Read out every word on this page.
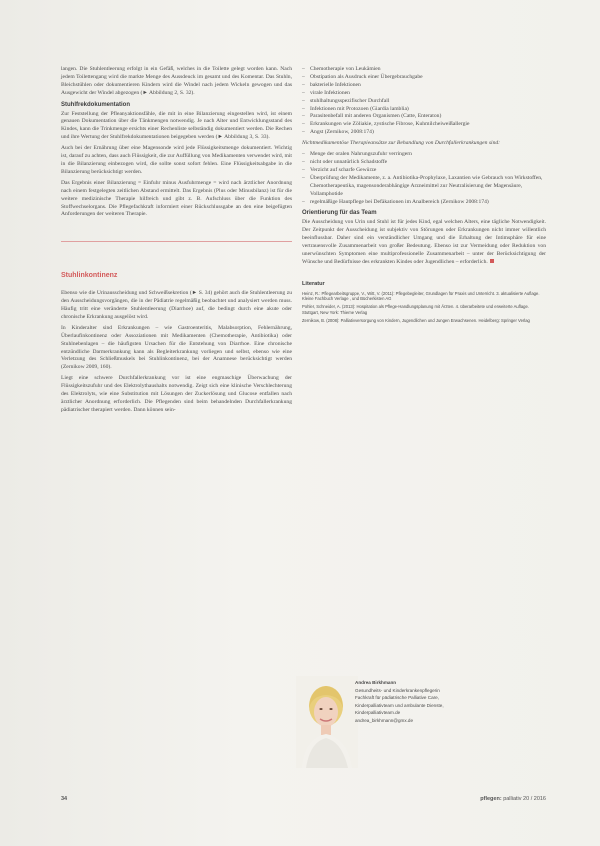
langen. Die Stuhlentleerung erfolgt in ein Gefäß, welches in die Toilette gelegt worden kann. Nach jedem Toilettengang wird die markte Menge des Aussdeuck im gesamt und des Komentar. Das Stuhln, Bleichstühlen oder dokumentieren Kindern wird die Windel nach jedem Wickeln gewogen und das Ausgewicht der Windel abgezogen (► Abbildung 2, S. 32).

Stuhlfrekdokumentation

Zur Feststellung der Pfleanyaktionsfähle, die mit in eine Bilanzierung eingestellen wird, ist einem genauen Dokumentation über die Tänkmengen notwendig. Je nach Alter und Entwicklungsstand des Kindes, kann die Trinkmenge ersichts einer Rechenliste selbständig dokumentiert werden. Die Rechen und ihre Wertung der Stuhlfrekdokumentationen beigegeben werden (► Abbildung 3, S. 33).

Auch bei der Ernährung über eine Magensonde wird jede Flüssigkeitsmenge dokumentiert. Wichtig ist, darauf zu achten, dass auch Flüssigkeit, die zur Auffüllung von Medikamenten verwendet wird, mit in die Bilanzierung einbezogen wird, die sollte sonst sofort fehlen. Eine Flüssigkeitsabgabe in die Bilanzierung berücksichtigt werden.

Das Ergebnis einer Bilanzierung = Einfuhr minus Ausfuhrmenge = wird nach ärztlicher Anordnung nach einem festgelegten zeitlichen Abstand ermittelt. Das Ergebnis (Plus oder Minusbilanz) ist für die weitere medizinische Therapie hilfreich und gibt z. B. Aufschluss über die Funktion des Stoffwechselorgans. Die Pflegefachkraft informiert einer Rückschlussgabe an den eine beigefügten Anforderungen der weiteren Therapie.

Stuhlinkontinenz

Ebenso wie die Urinausscheidung und Schweißsekretion (► S. 34) gehört auch die Stuhlentleerung zu den Ausscheidungsvorgängen, die in der Pädiatrie regelmäßig beobachtet und analysiert werden muss. Häufig tritt eine veränderte Stuhlentleerung (Diarrhoe) auf, die bedingt durch eine akute oder chronische Erkrankung ausgelöst wird.

In Kinderalter sind Erkrankungen – wie Gastroenteritis, Malabsorption, Fehlernährung, Überlaufinkontinenz oder Assoziationen mit Medikamenten (Chemotherapie, Antibiotika) oder Stuhlnebenlagen – die häufigsten Ursachen für die Entstehung von Diarrhoe. Eine chronische entzündliche Darmerkrankung kann als Begleiterkrankung vorliegen und selbst, ebenso wie eine Verletzung des Schließmuskels bei Stuhlinkontinenz, bei der Anamnese berücksichtigt werden (Zernikow 2009, 160).

Liegt eine schwere Durchfallerkrankung vor ist eine engmaschige Überwachung der Flüssigkeitszufuhr und des Elektrolythaushalts notwendig. Zeigt sich eine klinische Verschlechterung des Elektrolyts, wie eine Substitution mit Lösungen der Zuckerlösung und Glucose entfallen nach ärztlicher Anordnung erforderlich. Die Pflegenden sind beim behandelnden Durchfallerkrankung pädiatrischer therapiert werden. Dann können sein-

– Chemotherapie von Leukämien
– Obstipation als Ausdruck einer Übergebrauchgabe
– bakterielle Infektionen
– virale Infektionen
– stuhlhaltungsspezifischer Durchfall
– Infektionen mit Protozoen (Giardia lamblia)
– Parasitenbefall mit anderen Organismen (Catte, Enteraton)
– Erkrankungen wie Zöliakie, zystische Fibrose, Kuhmilcheiweißallergie
– Angst (Zernikow, 2008:174)

Nichtmedikamentöse Therapieansätze zur Behandlung von Durchfallerkrankungen sind:

– Menge der oralen Nahrungszufuhr verringern
– nicht oder unnatürlich Schadstoffe
– Verzicht auf scharfe Gewürze
– Überprüfung der Medikamente, z. a. Antibiotika-Prophylaxe, Laxantien wie Gebrauch von Wirkstoffen, Chemotherapeutika, magensonderabhängige Arzneimittel zur Neutralisierung der Magensäure, Vollamphotide
– regelmäßige Hautpflege bei Defäkationen im Analbereich (Zernikow 2008:174)
Orientierung für das Team

Die Ausscheidung von Urin und Stuhl ist für jedes Kind, egal welchen Alters, eine tägliche Notwendigkeit. Der Zeitpunkt der Ausscheidung ist subjektiv von Störungen oder Erkrankungen nicht immer willentlich beeinflussbar. Daher sind ein verständlicher Umgang und die Erhaltung der Intimsphäre für eine vertrauensvolle Zusammenarbeit von großer Bedeutung. Ebenso ist zur Vermeidung oder Reduktion von unerwünschten Symptomen eine multiprofessionelle Zusammenarbeit – unter der Berücksichtigung der Wünsche und Bedürfnisse des erkrankten Kindes oder Jugendlichen – erforderlich.

Literatur

Heinz, R.: Pflegearbeitsgruppe, V., Witt, V. (2011): Pflegebegleiter, Grundlagen für Praxis und Unterricht. 3. aktualisierte Auflage. Kleine Fachbuch Verlage , und Bücherkisten AG

Pohler, Schneider, A. (2013): Hospitation als Pflege-Handlungsplanung mit Ärzten. 4. überarbeitete und erweiterte Auflage. Stuttgart, New York: Thieme Verlag

Zernikow, B. (2008): Palliativversorgung von Kindern, Jugendlichen und Jungen Erwachsenen. Heidelberg: Springer Verlag

Andrea Birkhmann
Gesundheits- und Kinderkrankenpflegerin
Fachkraft für pädiatrische Palliative Care,
Kinderpalliativteam und ambulante Dienste,
Kinderpalliativteam.de
andrea_birkhmann@gmx.de
34	pflegen: palliativ 20 / 2016
